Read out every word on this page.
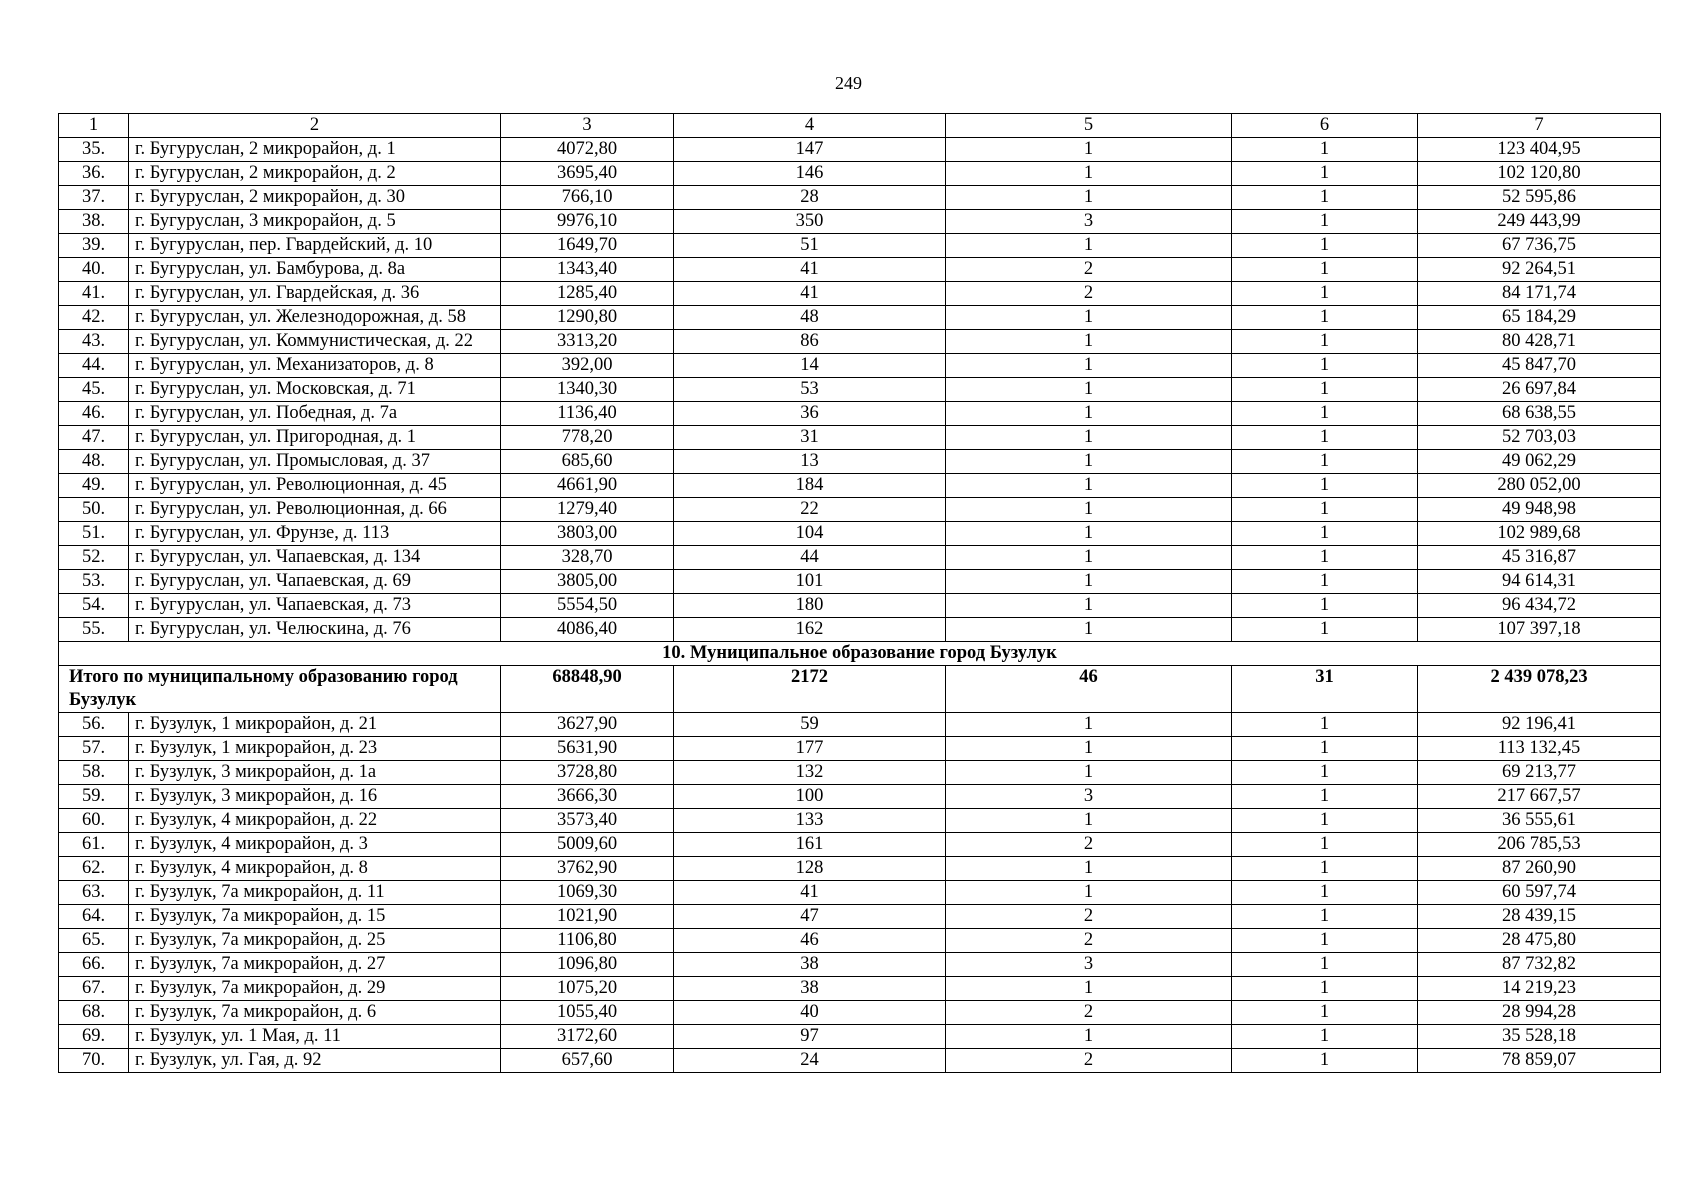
249
1	2	3	4	5	6	7
35.	г. Бугуруслан, 2 микрорайон, д. 1	4072,80	147	1	1	123 404,95
36.	г. Бугуруслан, 2 микрорайон, д. 2	3695,40	146	1	1	102 120,80
37.	г. Бугуруслан, 2 микрорайон, д. 30	766,10	28	1	1	52 595,86
38.	г. Бугуруслан, 3 микрорайон, д. 5	9976,10	350	3	1	249 443,99
39.	г. Бугуруслан, пер. Гвардейский, д. 10	1649,70	51	1	1	67 736,75
40.	г. Бугуруслан, ул. Бамбурова, д. 8а	1343,40	41	2	1	92 264,51
41.	г. Бугуруслан, ул. Гвардейская, д. 36	1285,40	41	2	1	84 171,74
42.	г. Бугуруслан, ул. Железнодорожная, д. 58	1290,80	48	1	1	65 184,29
43.	г. Бугуруслан, ул. Коммунистическая, д. 22	3313,20	86	1	1	80 428,71
44.	г. Бугуруслан, ул. Механизаторов, д. 8	392,00	14	1	1	45 847,70
45.	г. Бугуруслан, ул. Московская, д. 71	1340,30	53	1	1	26 697,84
46.	г. Бугуруслан, ул. Победная, д. 7а	1136,40	36	1	1	68 638,55
47.	г. Бугуруслан, ул. Пригородная, д. 1	778,20	31	1	1	52 703,03
48.	г. Бугуруслан, ул. Промысловая, д. 37	685,60	13	1	1	49 062,29
49.	г. Бугуруслан, ул. Революционная, д. 45	4661,90	184	1	1	280 052,00
50.	г. Бугуруслан, ул. Революционная, д. 66	1279,40	22	1	1	49 948,98
51.	г. Бугуруслан, ул. Фрунзе, д. 113	3803,00	104	1	1	102 989,68
52.	г. Бугуруслан, ул. Чапаевская, д. 134	328,70	44	1	1	45 316,87
53.	г. Бугуруслан, ул. Чапаевская, д. 69	3805,00	101	1	1	94 614,31
54.	г. Бугуруслан, ул. Чапаевская, д. 73	5554,50	180	1	1	96 434,72
55.	г. Бугуруслан, ул. Челюскина, д. 76	4086,40	162	1	1	107 397,18
10. Муниципальное образование город Бузулук						
Итого по муниципальному образованию город Бузулук		68848,90	2172	46	31	2 439 078,23
56.	г. Бузулук, 1 микрорайон, д. 21	3627,90	59	1	1	92 196,41
57.	г. Бузулук, 1 микрорайон, д. 23	5631,90	177	1	1	113 132,45
58.	г. Бузулук, 3 микрорайон, д. 1а	3728,80	132	1	1	69 213,77
59.	г. Бузулук, 3 микрорайон, д. 16	3666,30	100	3	1	217 667,57
60.	г. Бузулук, 4 микрорайон, д. 22	3573,40	133	1	1	36 555,61
61.	г. Бузулук, 4 микрорайон, д. 3	5009,60	161	2	1	206 785,53
62.	г. Бузулук, 4 микрорайон, д. 8	3762,90	128	1	1	87 260,90
63.	г. Бузулук, 7а микрорайон, д. 11	1069,30	41	1	1	60 597,74
64.	г. Бузулук, 7а микрорайон, д. 15	1021,90	47	2	1	28 439,15
65.	г. Бузулук, 7а микрорайон, д. 25	1106,80	46	2	1	28 475,80
66.	г. Бузулук, 7а микрорайон, д. 27	1096,80	38	3	1	87 732,82
67.	г. Бузулук, 7а микрорайон, д. 29	1075,20	38	1	1	14 219,23
68.	г. Бузулук, 7а микрорайон, д. 6	1055,40	40	2	1	28 994,28
69.	г. Бузулук, ул. 1 Мая, д. 11	3172,60	97	1	1	35 528,18
70.	г. Бузулук, ул. Гая, д. 92	657,60	24	2	1	78 859,07
